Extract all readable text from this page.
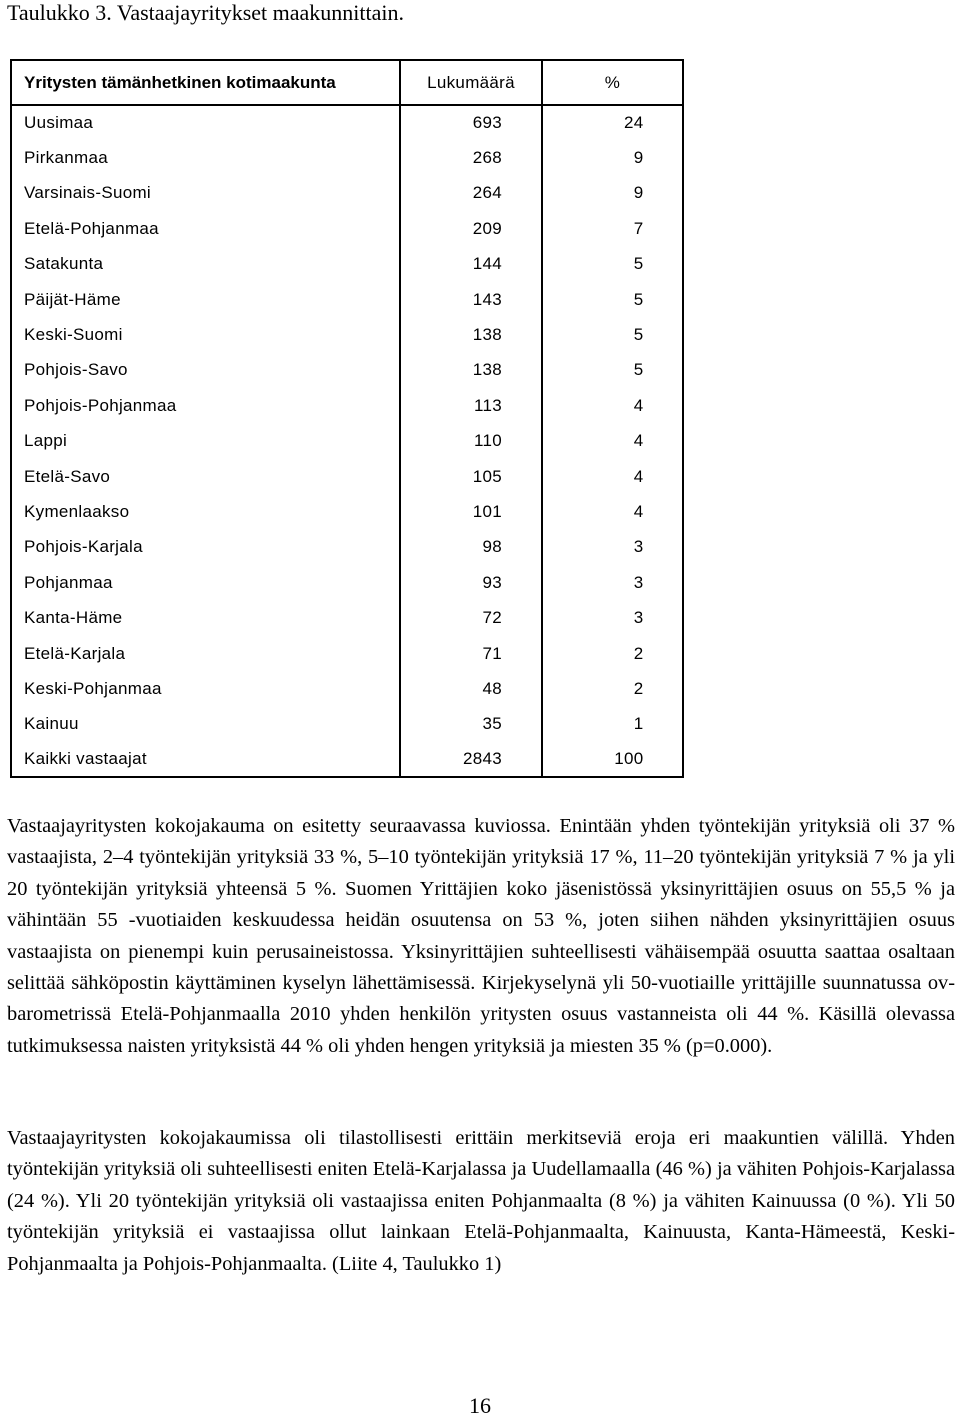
Taulukko 3. Vastaajayritykset maakunnittain.
Yritysten tämänhetkinen kotimaakunta	Lukumäärä	%
Uusimaa	693	24
Pirkanmaa	268	9
Varsinais-Suomi	264	9
Etelä-Pohjanmaa	209	7
Satakunta	144	5
Päijät-Häme	143	5
Keski-Suomi	138	5
Pohjois-Savo	138	5
Pohjois-Pohjanmaa	113	4
Lappi	110	4
Etelä-Savo	105	4
Kymenlaakso	101	4
Pohjois-Karjala	98	3
Pohjanmaa	93	3
Kanta-Häme	72	3
Etelä-Karjala	71	2
Keski-Pohjanmaa	48	2
Kainuu	35	1
Kaikki vastaajat	2843	100

Vastaajayritysten kokojakauma on esitetty seuraavassa kuviossa. Enintään yhden työntekijän yrityksiä oli 37 % vastaajista, 2–4 työntekijän yrityksiä 33 %, 5–10 työntekijän yrityksiä 17 %, 11–20 työntekijän yrityksiä 7 % ja yli 20 työntekijän yrityksiä yhteensä 5 %. Suomen Yrittäjien koko jäsenistössä yksinyrittäjien osuus on 55,5 % ja vähintään 55 -vuotiaiden keskuudessa heidän osuutensa on 53 %, joten siihen nähden yksinyrittäjien osuus vastaajista on pienempi kuin perusaineistossa. Yksinyrittäjien suhteellisesti vähäisempää osuutta saattaa osaltaan selittää sähköpostin käyttäminen kyselyn lähettämisessä. Kirjekyselynä yli 50-vuotiaille yrittäjille suunnatussa ov-barometrissä Etelä-Pohjanmaalla 2010 yhden henkilön yritysten osuus vastanneista oli 44 %. Käsillä olevassa tutkimuksessa naisten yrityksistä 44 % oli yhden hengen yrityksiä ja miesten 35 % (p=0.000).

Vastaajayritysten kokojakaumissa oli tilastollisesti erittäin merkitseviä eroja eri maakuntien välillä. Yhden työntekijän yrityksiä oli suhteellisesti eniten Etelä-Karjalassa ja Uudellamaalla (46 %) ja vähiten Pohjois-Karjalassa (24 %). Yli 20 työntekijän yrityksiä oli vastaajissa eniten Pohjanmaalta (8 %) ja vähiten Kainuussa (0 %). Yli 50 työntekijän yrityksiä ei vastaajissa ollut lainkaan Etelä-Pohjanmaalta, Kainuusta, Kanta-Hämeestä, Keski-Pohjanmaalta ja Pohjois-Pohjanmaalta. (Liite 4, Taulukko 1)

16
